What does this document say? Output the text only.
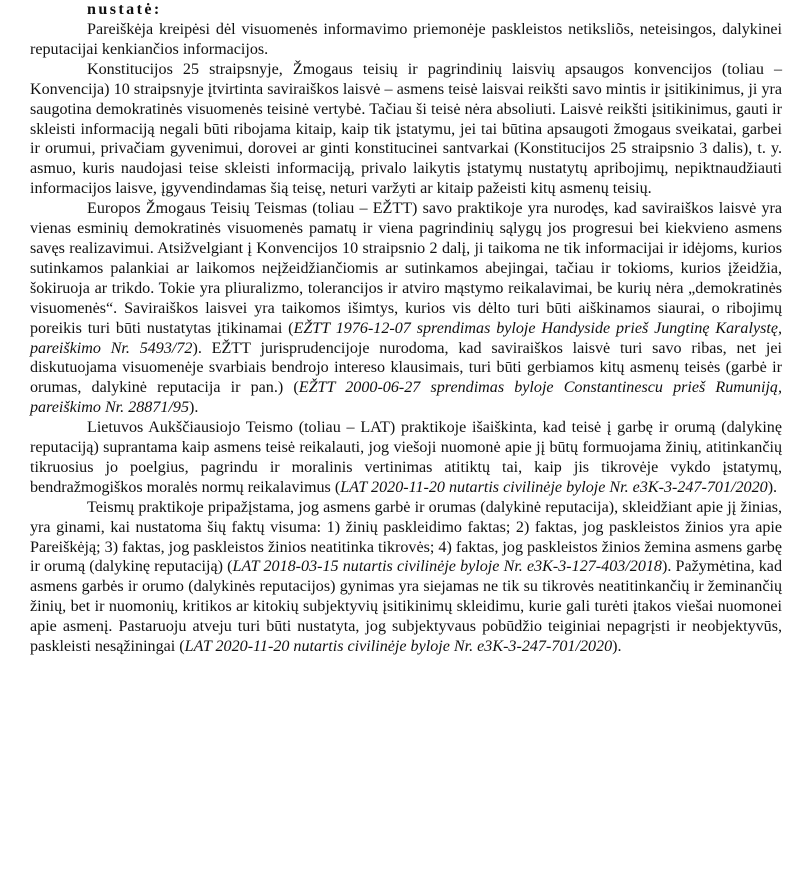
nustatė:

Pareiškėja kreipėsi dėl visuomenės informavimo priemonėje paskleistos netiksliõs, neteisingos, dalykinei reputacijai kenkiančios informacijos.

Konstitucijos 25 straipsnyje, Žmogaus teisių ir pagrindinių laisvių apsaugos konvencijos (toliau – Konvencija) 10 straipsnyje įtvirtinta saviraiškos laisvė – asmens teisė laisvai reikšti savo mintis ir įsitikinimus, ji yra saugotina demokratinės visuomenės teisinė vertybė. Tačiau ši teisė nėra absoliuti. Laisvė reikšti įsitikinimus, gauti ir skleisti informaciją negali būti ribojama kitaip, kaip tik įstatymu, jei tai būtina apsaugoti žmogaus sveikatai, garbei ir orumui, privačiam gyvenimui, dorovei ar ginti konstitucinei santvarkai (Konstitucijos 25 straipsnio 3 dalis), t. y. asmuo, kuris naudojasi teise skleisti informaciją, privalo laikytis įstatymų nustatytų apribojimų, nepiktnaudžiauti informacijos laisve, įgyvendindamas šią teisę, neturi varžyti ar kitaip pažeisti kitų asmenų teisių.

Europos Žmogaus Teisių Teismas (toliau – EŽTT) savo praktikoje yra nurodęs, kad saviraiškos laisvė yra vienas esminių demokratinės visuomenės pamatų ir viena pagrindinių sąlygų jos progresui bei kiekvieno asmens savęs realizavimui. Atsižvelgiant į Konvencijos 10 straipsnio 2 dalį, ji taikoma ne tik informacijai ir idėjoms, kurios sutinkamos palankiai ar laikomos neįžeidžiančiomis ar sutinkamos abejingai, tačiau ir tokioms, kurios įžeidžia, šokiruoja ar trikdo. Tokie yra pliuralizmo, tolerancijos ir atviro mąstymo reikalavimai, be kurių nėra „demokratinės visuomenės“. Saviraiškos laisvei yra taikomos išimtys, kurios vis dėlto turi būti aiškinamos siaurai, o ribojimų poreikis turi būti nustatytas įtikinamai (EŽTT 1976-12-07 sprendimas byloje Handyside prieš Jungtinę Karalystę, pareiškimo Nr. 5493/72). EŽTT jurisprudencijoje nurodoma, kad saviraiškos laisvė turi savo ribas, net jei diskutuojama visuomenėje svarbiais bendrojo intereso klausimais, turi būti gerbiamos kitų asmenų teisės (garbė ir orumas, dalykinė reputacija ir pan.) (EŽTT 2000-06-27 sprendimas byloje Constantinescu prieš Rumuniją, pareiškimo Nr. 28871/95).

Lietuvos Aukščiausiojo Teismo (toliau – LAT) praktikoje išaiškinta, kad teisė į garbę ir orumą (dalykinę reputaciją) suprantama kaip asmens teisė reikalauti, jog viešoji nuomonė apie jį būtų formuojama žinių, atitinkančių tikruosius jo poelgius, pagrindu ir moralinis vertinimas atitiktų tai, kaip jis tikrovėje vykdo įstatymų, bendražmogiškos moralės normų reikalavimus (LAT 2020-11-20 nutartis civilinėje byloje Nr. e3K-3-247-701/2020).

Teismų praktikoje pripažįstama, jog asmens garbė ir orumas (dalykinė reputacija), skleidžiant apie jį žinias, yra ginami, kai nustatoma šių faktų visuma: 1) žinių paskleidimo faktas; 2) faktas, jog paskleistos žinios yra apie Pareiškėją; 3) faktas, jog paskleistos žinios neatitinka tikrovės; 4) faktas, jog paskleistos žinios žemina asmens garbę ir orumą (dalykinę reputaciją) (LAT 2018-03-15 nutartis civilinėje byloje Nr. e3K-3-127-403/2018). Pažymėtina, kad asmens garbės ir orumo (dalykinės reputacijos) gynimas yra siejamas ne tik su tikrovės neatitinkančių ir žeminančių žinių, bet ir nuomonių, kritikos ar kitokių subjektyvių įsitikinimų skleidimu, kurie gali turėti įtakos viešai nuomonei apie asmenį. Pastaruoju atveju turi būti nustatyta, jog subjektyvaus pobūdžio teiginiai nepagrįsti ir neobjektyvūs, paskleisti nesąžiningai (LAT 2020-11-20 nutartis civilinėje byloje Nr. e3K-3-247-701/2020).
